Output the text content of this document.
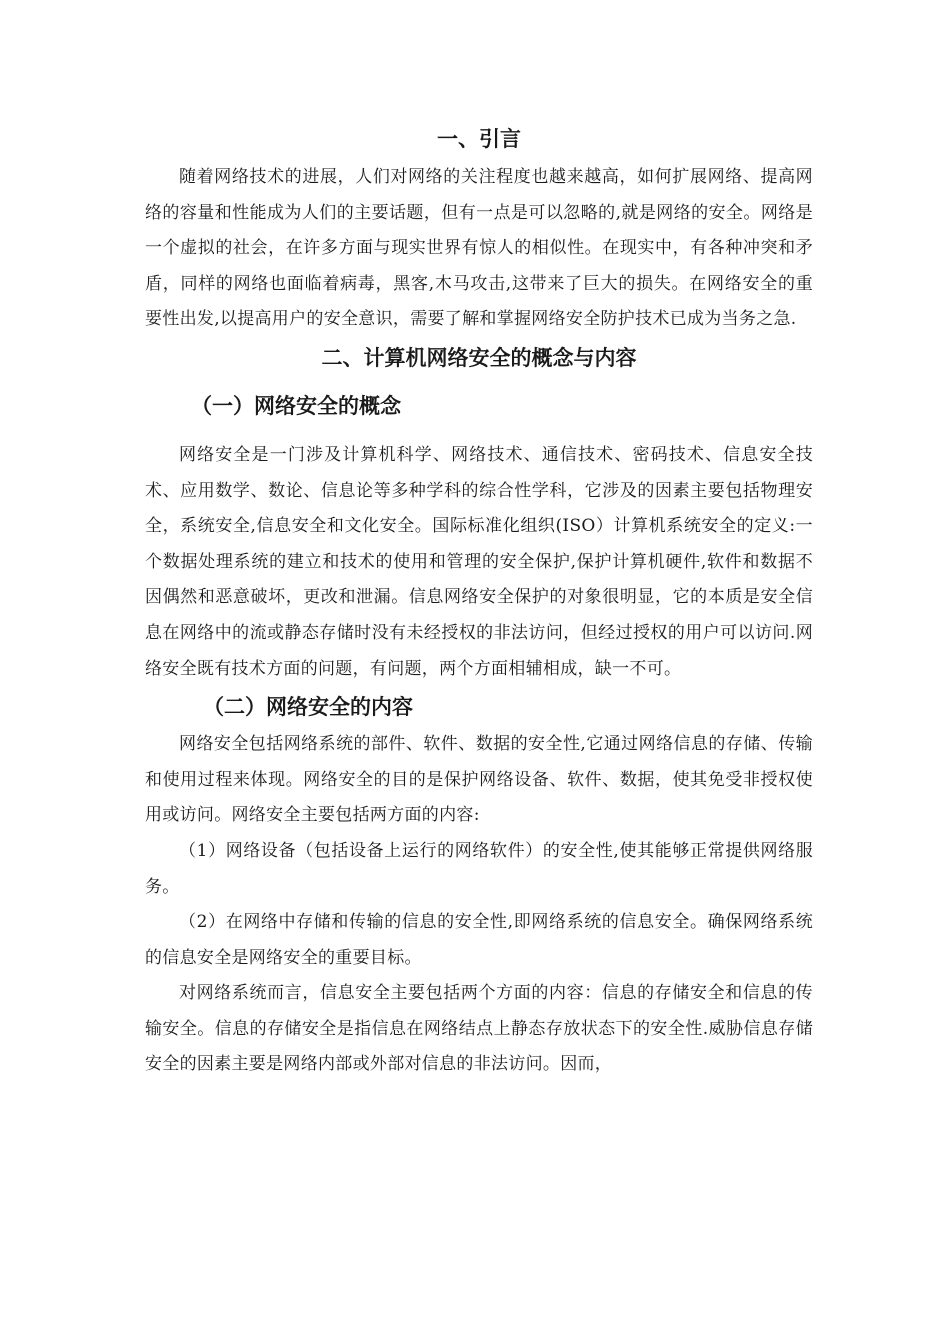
一、引言

随着网络技术的进展，人们对网络的关注程度也越来越高，如何扩展网络、提高网络的容量和性能成为人们的主要话题，但有一点是可以忽略的,就是网络的安全。网络是一个虚拟的社会，在许多方面与现实世界有惊人的相似性。在现实中，有各种冲突和矛盾，同样的网络也面临着病毒，黑客,木马攻击,这带来了巨大的损失。在网络安全的重要性出发,以提高用户的安全意识，需要了解和掌握网络安全防护技术已成为当务之急.

二、计算机网络安全的概念与内容
（一）网络安全的概念

网络安全是一门涉及计算机科学、网络技术、通信技术、密码技术、信息安全技术、应用数学、数论、信息论等多种学科的综合性学科，它涉及的因素主要包括物理安全，系统安全,信息安全和文化安全。国际标准化组织(ISO）计算机系统安全的定义:一个数据处理系统的建立和技术的使用和管理的安全保护,保护计算机硬件,软件和数据不因偶然和恶意破坏，更改和泄漏。信息网络安全保护的对象很明显，它的本质是安全信息在网络中的流或静态存储时没有未经授权的非法访问，但经过授权的用户可以访问.网络安全既有技术方面的问题，有问题，两个方面相辅相成，缺一不可。

（二）网络安全的内容

网络安全包括网络系统的部件、软件、数据的安全性,它通过网络信息的存储、传输和使用过程来体现。网络安全的目的是保护网络设备、软件、数据，使其免受非授权使用或访问。网络安全主要包括两方面的内容:

（1）网络设备（包括设备上运行的网络软件）的安全性,使其能够正常提供网络服务。

（2）在网络中存储和传输的信息的安全性,即网络系统的信息安全。确保网络系统的信息安全是网络安全的重要目标。

对网络系统而言，信息安全主要包括两个方面的内容：信息的存储安全和信息的传输安全。信息的存储安全是指信息在网络结点上静态存放状态下的安全性.威胁信息存储安全的因素主要是网络内部或外部对信息的非法访问。因而，
